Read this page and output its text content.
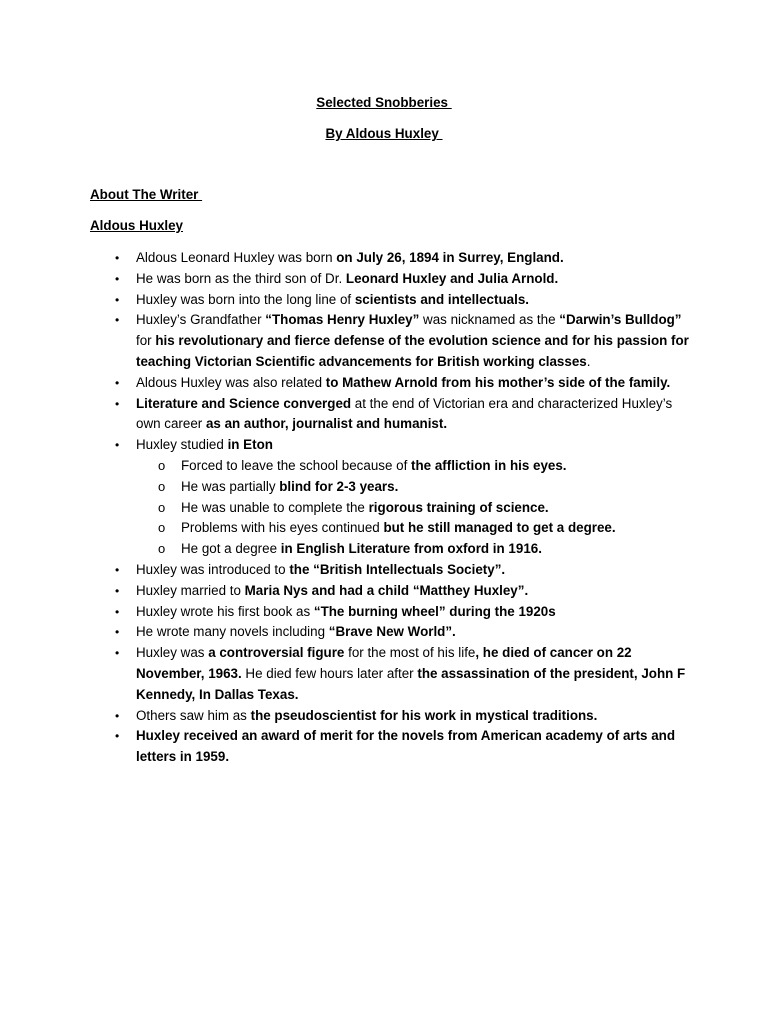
Selected Snobberies
By Aldous Huxley
About The Writer
Aldous Huxley
• Aldous Leonard Huxley was born on July 26, 1894 in Surrey, England.
• He was born as the third son of Dr. Leonard Huxley and Julia Arnold.
• Huxley was born into the long line of scientists and intellectuals.
• Huxley’s Grandfather “Thomas Henry Huxley” was nicknamed as the “Darwin’s Bulldog” for his revolutionary and fierce defense of the evolution science and for his passion for teaching Victorian Scientific advancements for British working classes.
• Aldous Huxley was also related to Mathew Arnold from his mother’s side of the family.
• Literature and Science converged at the end of Victorian era and characterized Huxley’s own career as an author, journalist and humanist.
• Huxley studied in Eton
o Forced to leave the school because of the affliction in his eyes.
o He was partially blind for 2-3 years.
o He was unable to complete the rigorous training of science.
o Problems with his eyes continued but he still managed to get a degree.
o He got a degree in English Literature from oxford in 1916.
• Huxley was introduced to the “British Intellectuals Society”.
• Huxley married to Maria Nys and had a child “Matthey Huxley”.
• Huxley wrote his first book as “The burning wheel” during the 1920s
• He wrote many novels including “Brave New World”.
• Huxley was a controversial figure for the most of his life, he died of cancer on 22 November, 1963. He died few hours later after the assassination of the president, John F Kennedy, In Dallas Texas.
• Others saw him as the pseudoscientist for his work in mystical traditions.
• Huxley received an award of merit for the novels from American academy of arts and letters in 1959.
